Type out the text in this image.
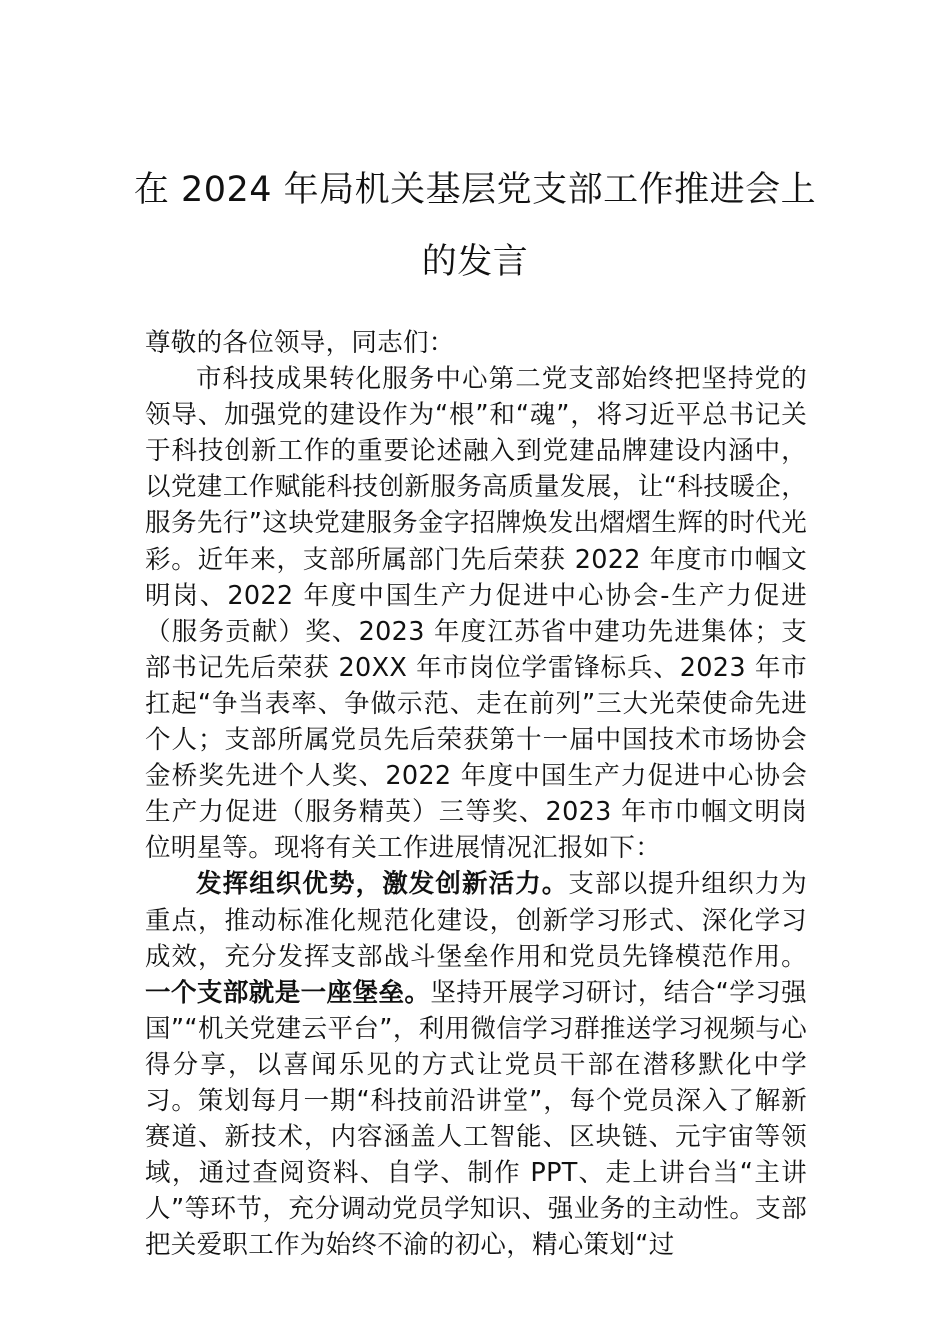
在 2024 年局机关基层党支部工作推进会上
的发言

尊敬的各位领导，同志们：

市科技成果转化服务中心第二党支部始终把坚持党的领导、加强党的建设作为“根”和“魂”，将习近平总书记关于科技创新工作的重要论述融入到党建品牌建设内涵中，以党建工作赋能科技创新服务高质量发展，让“科技暖企，服务先行”这块党建服务金字招牌焕发出熠熠生辉的时代光彩。近年来，支部所属部门先后荣获 2022 年度市巾帼文明岗、2022 年度中国生产力促进中心协会-生产力促进（服务贡献）奖、2023 年度江苏省中建功先进集体；支部书记先后荣获 20XX 年市岗位学雷锋标兵、2023 年市扛起“争当表率、争做示范、走在前列”三大光荣使命先进个人；支部所属党员先后荣获第十一届中国技术市场协会金桥奖先进个人奖、2022 年度中国生产力促进中心协会生产力促进（服务精英）三等奖、2023 年市巾帼文明岗位明星等。现将有关工作进展情况汇报如下：

发挥组织优势，激发创新活力。支部以提升组织力为重点，推动标准化规范化建设，创新学习形式、深化学习成效，充分发挥支部战斗堡垒作用和党员先锋模范作用。一个支部就是一座堡垒。坚持开展学习研讨，结合“学习强国”“机关党建云平台”，利用微信学习群推送学习视频与心得分享，以喜闻乐见的方式让党员干部在潜移默化中学习。策划每月一期“科技前沿讲堂”，每个党员深入了解新赛道、新技术，内容涵盖人工智能、区块链、元宇宙等领域，通过查阅资料、自学、制作 PPT、走上讲台当“主讲人”等环节，充分调动党员学知识、强业务的主动性。支部把关爱职工作为始终不渝的初心，精心策划“过
